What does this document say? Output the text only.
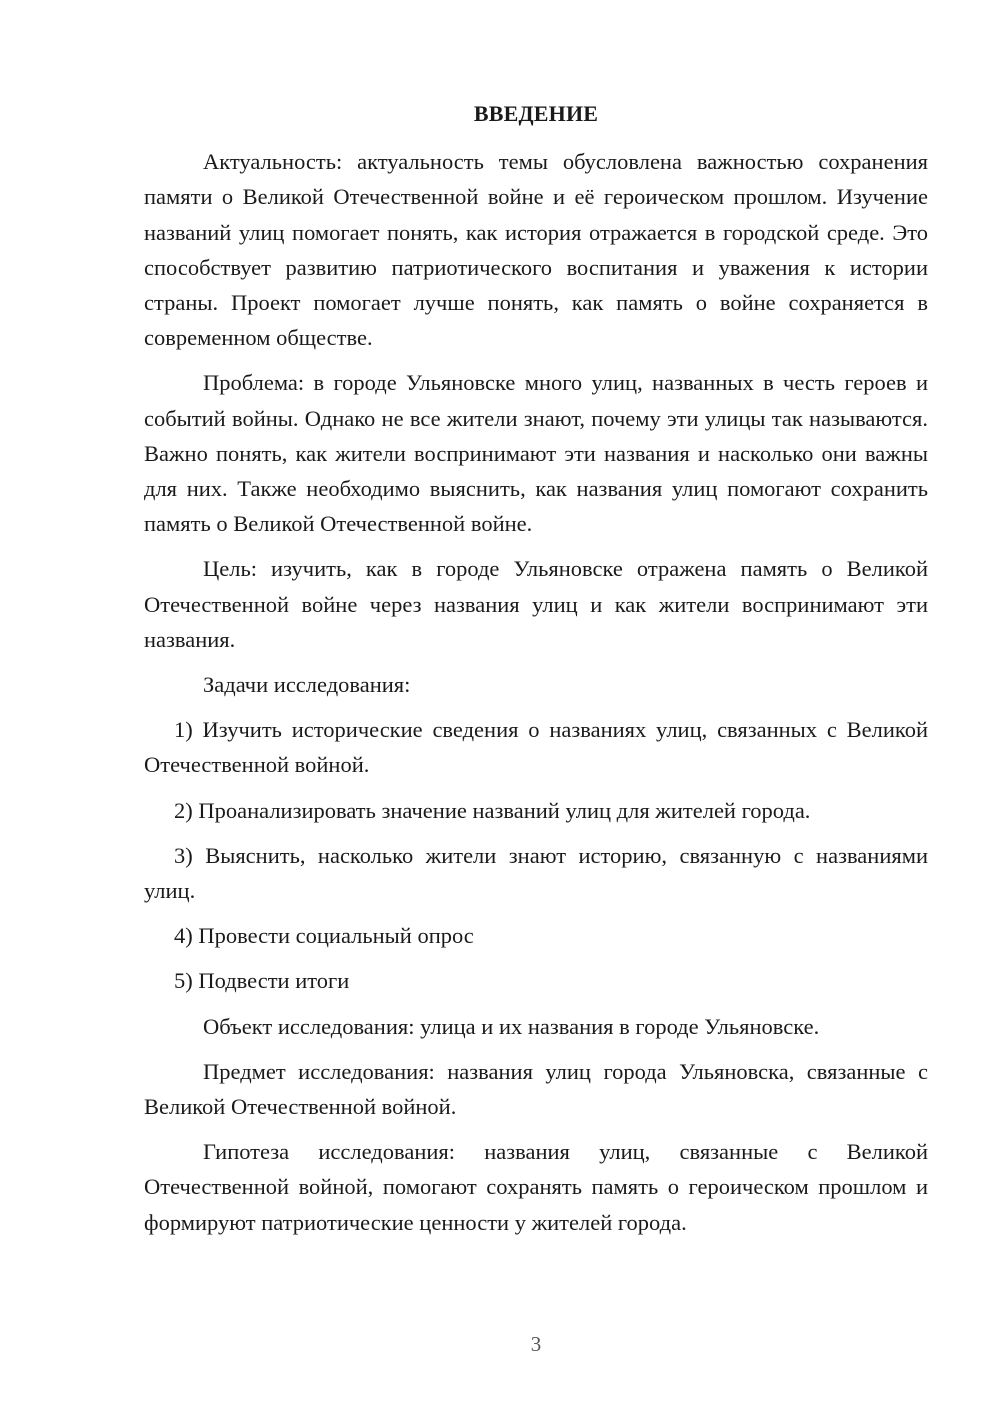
ВВЕДЕНИЕ

Актуальность: актуальность темы обусловлена важностью сохранения памяти о Великой Отечественной войне и её героическом прошлом. Изучение названий улиц помогает понять, как история отражается в городской среде. Это способствует развитию патриотического воспитания и уважения к истории страны. Проект помогает лучше понять, как память о войне сохраняется в современном обществе.

Проблема: в городе Ульяновске много улиц, названных в честь героев и событий войны. Однако не все жители знают, почему эти улицы так называются. Важно понять, как жители воспринимают эти названия и насколько они важны для них. Также необходимо выяснить, как названия улиц помогают сохранить память о Великой Отечественной войне.

Цель: изучить, как в городе Ульяновске отражена память о Великой Отечественной войне через названия улиц и как жители воспринимают эти названия.

Задачи исследования:

1) Изучить исторические сведения о названиях улиц, связанных с Великой Отечественной войной.

2) Проанализировать значение названий улиц для жителей города.

3) Выяснить, насколько жители знают историю, связанную с названиями улиц.

4) Провести социальный опрос

5) Подвести итоги

Объект исследования: улица и их названия в городе Ульяновске.

Предмет исследования: названия улиц города Ульяновска, связанные с Великой Отечественной войной.

Гипотеза исследования: названия улиц, связанные с Великой Отечественной войной, помогают сохранять память о героическом прошлом и формируют патриотические ценности у жителей города.

3
